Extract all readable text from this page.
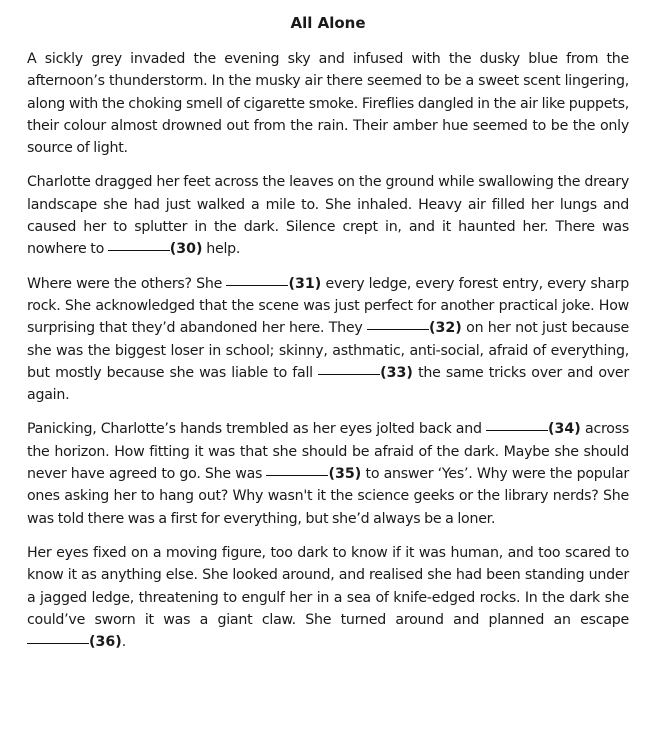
All Alone

A sickly grey invaded the evening sky and infused with the dusky blue from the afternoon’s thunderstorm. In the musky air there seemed to be a sweet scent lingering, along with the choking smell of cigarette smoke. Fireflies dangled in the air like puppets, their colour almost drowned out from the rain. Their amber hue seemed to be the only source of light.

Charlotte dragged her feet across the leaves on the ground while swallowing the dreary landscape she had just walked a mile to. She inhaled. Heavy air filled her lungs and caused her to splutter in the dark. Silence crept in, and it haunted her. There was nowhere to	(30) help.

Where were the others? She	(31) every ledge, every forest entry, every sharp rock. She acknowledged that the scene was just perfect for another practical joke. How surprising that they’d abandoned her here. They	(32) on her not just because she was the biggest loser in school; skinny, asthmatic, anti-social, afraid of everything, but mostly because she was liable to fall	(33) the same tricks over and over again.

Panicking, Charlotte’s hands trembled as her eyes jolted back and	(34) across the horizon. How fitting it was that she should be afraid of the dark. Maybe she should never have agreed to go. She was	(35) to answer ‘Yes’. Why were the popular ones asking her to hang out? Why wasn't it the science geeks or the library nerds? She was told there was a first for everything, but she’d always be a loner.

Her eyes fixed on a moving figure, too dark to know if it was human, and too scared to know it as anything else. She looked around, and realised she had been standing under a jagged ledge, threatening to engulf her in a sea of knife-edged rocks. In the dark she could’ve sworn it was a giant claw. She turned around and planned an escape (36).
